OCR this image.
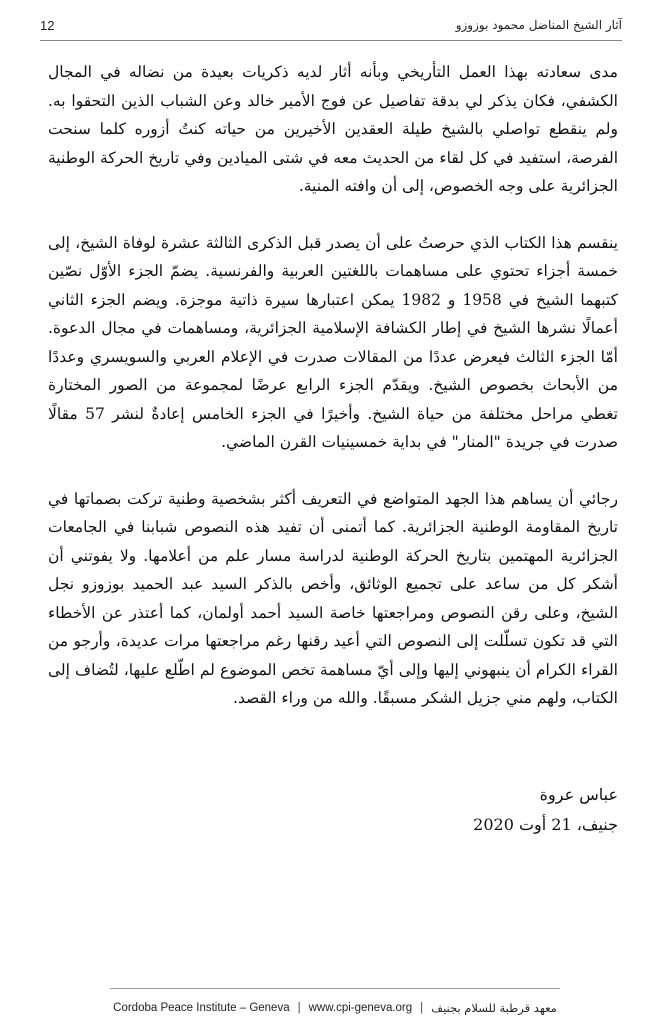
12	آثار الشيخ المناضل محمود بوزوزو

مدى سعادته بهذا العمل التأريخي وبأنه أثار لديه ذكريات بعيدة من نضاله في المجال الكشفي، فكان يذكر لي بدقة تفاصيل عن فوج الأمير خالد وعن الشباب الذين التحقوا به. ولم ينقطع تواصلي بالشيخ طيلة العقدين الأخيرين من حياته كنتُ أزوره كلما سنحت الفرصة، استفيد في كل لقاء من الحديث معه في شتى الميادين وفي تاريخ الحركة الوطنية الجزائرية على وجه الخصوص، إلى أن وافته المنية.

ينقسم هذا الكتاب الذي حرصتُ على أن يصدر قبل الذكرى الثالثة عشرة لوفاة الشيخ، إلى خمسة أجزاء تحتوي على مساهمات باللغتين العربية والفرنسية. يضمّ الجزء الأوّل نصّين كتبهما الشيخ في 1958 و 1982 يمكن اعتبارها سيرة ذاتية موجزة. ويضم الجزء الثاني أعمالًا نشرها الشيخ في إطار الكشافة الإسلامية الجزائرية، ومساهمات في مجال الدعوة. أمّا الجزء الثالث فيعرض عددًا من المقالات صدرت في الإعلام العربي والسويسري وعددًا من الأبحاث بخصوص الشيخ. ويقدّم الجزء الرابع عرضًا لمجموعة من الصور المختارة تغطي مراحل مختلفة من حياة الشيخ. وأخيرًا في الجزء الخامس إعادةٌ لنشر 57 مقالًا صدرت في جريدة "المنار" في بداية خمسينيات القرن الماضي.

رجائي أن يساهم هذا الجهد المتواضع في التعريف أكثر بشخصية وطنية تركت بصماتها في تاريخ المقاومة الوطنية الجزائرية. كما أتمنى أن تفيد هذه النصوص شبابنا في الجامعات الجزائرية المهتمين بتاريخ الحركة الوطنية لدراسة مسار علم من أعلامها. ولا يفوتني أن أشكر كل من ساعد على تجميع الوثائق، وأخص بالذكر السيد عبد الحميد بوزوزو نجل الشيخ، وعلى رقن النصوص ومراجعتها خاصة السيد أحمد أولمان، كما أعتذر عن الأخطاء التي قد تكون تسلّلت إلى النصوص التي أعيد رقنها رغم مراجعتها مرات عديدة، وأرجو من القراء الكرام أن ينبهوني إليها وإلى أيّ مساهمة تخص الموضوع لم اطّلع عليها، لتُضاف إلى الكتاب، ولهم مني جزيل الشكر مسبقًا. والله من وراء القصد.

عباس عروة
جنيف، 21 أوت 2020
Cordoba Peace Institute – Geneva | www.cpi-geneva.org | معهد قرطبة للسلام بجنيف
